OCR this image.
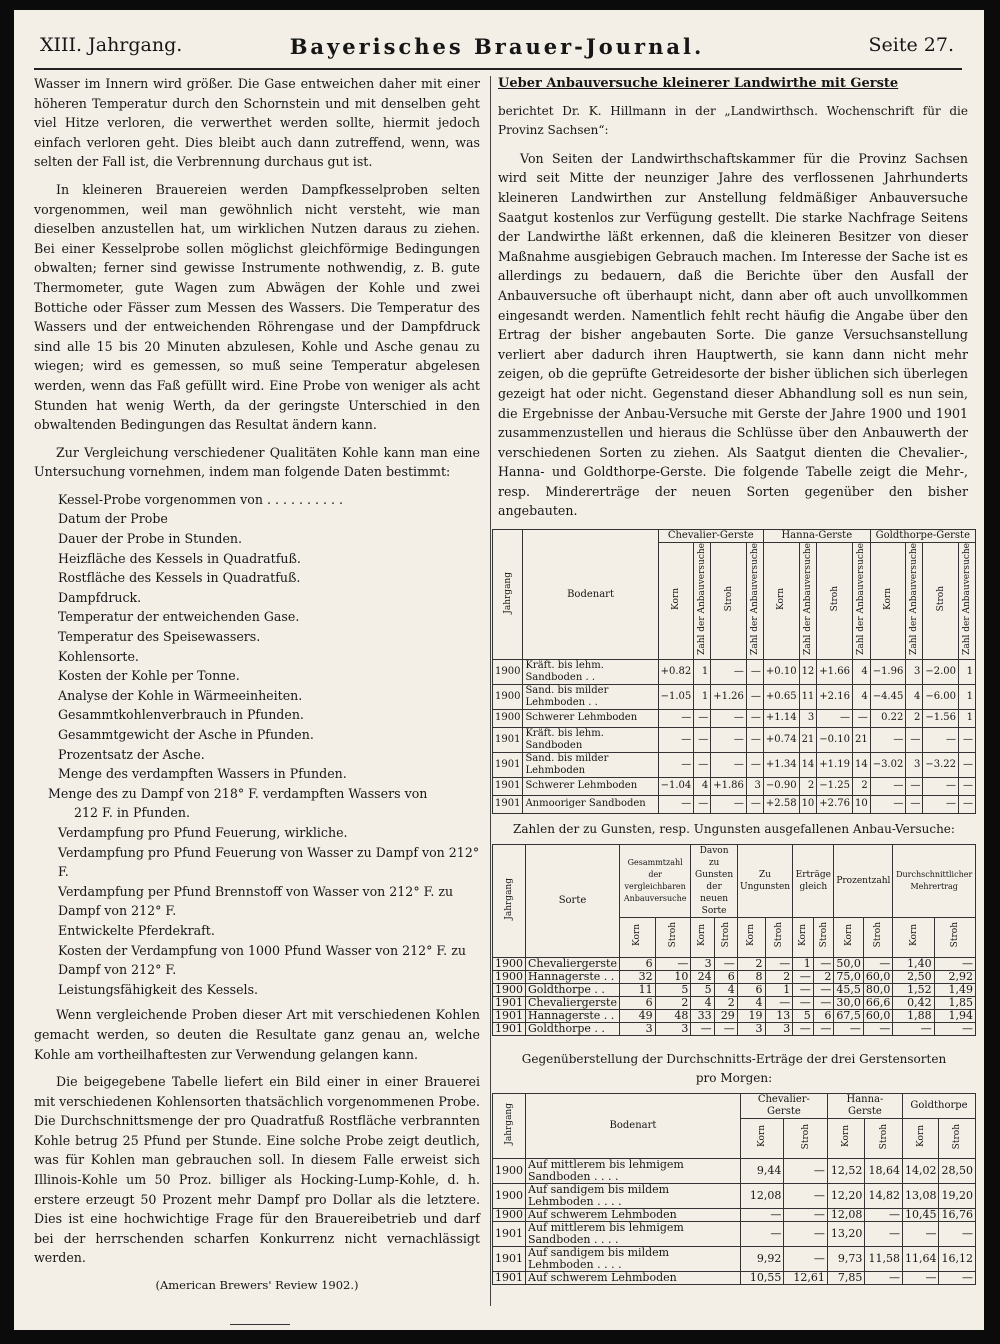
XIII. Jahrgang.	Bayerisches Brauer-Journal.	Seite 27.

Wasser im Innern wird größer. Die Gase entweichen daher mit einer höheren Temperatur durch den Schornstein und mit denselben geht viel Hitze verloren, die verwerthet werden sollte, hiermit jedoch einfach verloren geht. Dies bleibt auch dann zutreffend, wenn, was selten der Fall ist, die Verbrennung durchaus gut ist.

In kleineren Brauereien werden Dampfkesselproben selten vorgenommen, weil man gewöhnlich nicht versteht, wie man dieselben anzustellen hat, um wirklichen Nutzen daraus zu ziehen. Bei einer Kesselprobe sollen möglichst gleichförmige Bedingungen obwalten; ferner sind gewisse Instrumente nothwendig, z. B. gute Thermometer, gute Wagen zum Abwägen der Kohle und zwei Bottiche oder Fässer zum Messen des Wassers. Die Temperatur des Wassers und der entweichenden Röhrengase und der Dampfdruck sind alle 15 bis 20 Minuten abzulesen, Kohle und Asche genau zu wiegen; wird es gemessen, so muß seine Temperatur abgelesen werden, wenn das Faß gefüllt wird. Eine Probe von weniger als acht Stunden hat wenig Werth, da der geringste Unterschied in den obwaltenden Bedingungen das Resultat ändern kann.

Zur Vergleichung verschiedener Qualitäten Kohle kann man eine Untersuchung vornehmen, indem man folgende Daten bestimmt:

Kessel-Probe vorgenommen von . . . . . . . . . .
Datum der Probe
Dauer der Probe in Stunden.
Heizfläche des Kessels in Quadratfuß.
Rostfläche des Kessels in Quadratfuß.
Dampfdruck.
Temperatur der entweichenden Gase.
Temperatur des Speisewassers.
Kohlensorte.
Kosten der Kohle per Tonne.
Analyse der Kohle in Wärmeeinheiten.
Gesammtkohlenverbrauch in Pfunden.
Gesammtgewicht der Asche in Pfunden.
Prozentsatz der Asche.
Menge des verdampften Wassers in Pfunden.
Menge des zu Dampf von 218° F. verdampften Wassers von
212 F. in Pfunden.
Verdampfung pro Pfund Feuerung, wirkliche.
Verdampfung pro Pfund Feuerung von Wasser zu Dampf von 212° F.
Verdampfung per Pfund Brennstoff von Wasser von 212° F. zu Dampf von 212° F.
Entwickelte Pferdekraft.
Kosten der Verdampfung von 1000 Pfund Wasser von 212° F. zu Dampf von 212° F.
Leistungsfähigkeit des Kessels.

Wenn vergleichende Proben dieser Art mit verschiedenen Kohlen gemacht werden, so deuten die Resultate ganz genau an, welche Kohle am vortheilhaftesten zur Verwendung gelangen kann.

Die beigegebene Tabelle liefert ein Bild einer in einer Brauerei mit verschiedenen Kohlensorten thatsächlich vorgenommenen Probe. Die Durchschnittsmenge der pro Quadratfuß Rostfläche verbrannten Kohle betrug 25 Pfund per Stunde. Eine solche Probe zeigt deutlich, was für Kohlen man gebrauchen soll. In diesem Falle erweist sich Illinois-Kohle um 50 Proz. billiger als Hocking-Lump-Kohle, d. h. erstere erzeugt 50 Prozent mehr Dampf pro Dollar als die letztere. Dies ist eine hochwichtige Frage für den Brauereibetrieb und darf bei der herrschenden scharfen Konkurrenz nicht vernachlässigt werden.

(American Brewers' Review 1902.)

Ueber Anbauversuche kleinerer Landwirthe mit Gerste

berichtet Dr. K. Hillmann in der „Landwirthsch. Wochenschrift für die Provinz Sachsen“:

Von Seiten der Landwirthschaftskammer für die Provinz Sachsen wird seit Mitte der neunziger Jahre des verflossenen Jahrhunderts kleineren Landwirthen zur Anstellung feldmäßiger Anbauversuche Saatgut kostenlos zur Verfügung gestellt. Die starke Nachfrage Seitens der Landwirthe läßt erkennen, daß die kleineren Besitzer von dieser Maßnahme ausgiebigen Gebrauch machen. Im Interesse der Sache ist es allerdings zu bedauern, daß die Berichte über den Ausfall der Anbauversuche oft überhaupt nicht, dann aber oft auch unvollkommen eingesandt werden. Namentlich fehlt recht häufig die Angabe über den Ertrag der bisher angebauten Sorte. Die ganze Versuchsanstellung verliert aber dadurch ihren Hauptwerth, sie kann dann nicht mehr zeigen, ob die geprüfte Getreidesorte der bisher üblichen sich überlegen gezeigt hat oder nicht. Gegenstand dieser Abhandlung soll es nun sein, die Ergebnisse der Anbau-Versuche mit Gerste der Jahre 1900 und 1901 zusammenzustellen und hieraus die Schlüsse über den Anbauwerth der verschiedenen Sorten zu ziehen. Als Saatgut dienten die Chevalier-, Hanna- und Goldthorpe-Gerste. Die folgende Tabelle zeigt die Mehr-, resp. Mindererträge der neuen Sorten gegenüber den bisher angebauten.

Jahrgang	Bodenart	Chevalier-Gerste				Hanna-Gerste				Goldthorpe-Gerste			
		Korn	Zahl der Anbauversuche	Stroh	Zahl der Anbauversuche	Korn	Zahl der Anbauversuche	Stroh	Zahl der Anbauversuche	Korn	Zahl der Anbauversuche	Stroh	Zahl der Anbauversuche
1900	Kräft. bis lehm. Sandboden . .	+0.82	1	—	—	+0.10	12	+1.66	4	−1.96	3	−2.00	1
1900	Sand. bis milder Lehmboden . .	−1.05	1	+1.26	—	+0.65	11	+2.16	4	−4.45	4	−6.00	1
1900	Schwerer Lehmboden	—	—	—	—	+1.14	3	—	—	0.22	2	−1.56	1
1901	Kräft. bis lehm. Sandboden	—	—	—	—	+0.74	21	−0.10	21	—	—	—	—
1901	Sand. bis milder Lehmboden	—	—	—	—	+1.34	14	+1.19	14	−3.02	3	−3.22	—
1901	Schwerer Lehmboden	−1.04	4	+1.86	3	−0.90	2	−1.25	2	—	—	—	—
1901	Anmooriger Sandboden	—	—	—	—	+2.58	10	+2.76	10	—	—	—	—
Zahlen der zu Gunsten, resp. Ungunsten ausgefallenen Anbau-Versuche:
Jahrgang	Sorte	Gesammtzahl der vergleichbaren Anbauversuche		Davon zu Gunsten der neuen Sorte		Zu Ungunsten		Erträge gleich		Prozentzahl		Durchschnittlicher Mehrertrag	
		Korn	Stroh	Korn	Stroh	Korn	Stroh	Korn	Stroh	Korn	Stroh	Korn	Stroh
1900	Chevaliergerste	6	—	3	—	2	—	1	—	50,0	—	1,40	—
1900	Hannagerste . .	32	10	24	6	8	2	—	2	75,0	60,0	2,50	2,92
1900	Goldthorpe . .	11	5	5	4	6	1	—	—	45,5	80,0	1,52	1,49
1901	Chevaliergerste	6	2	4	2	4	—	—	—	30,0	66,6	0,42	1,85
1901	Hannagerste . .	49	48	33	29	19	13	5	6	67,5	60,0	1,88	1,94
1901	Goldthorpe . .	3	3	—	—	3	3	—	—	—	—	—	—
Gegenüberstellung der Durchschnitts-Erträge der drei Gerstensorten
pro Morgen:
Jahrgang	Bodenart	Chevalier-Gerste		Hanna-Gerste		Goldthorpe	
		Korn	Stroh	Korn	Stroh	Korn	Stroh
1900	Auf mittlerem bis lehmigem Sandboden . . . .	9,44	—	12,52	18,64	14,02	28,50
1900	Auf sandigem bis mildem Lehmboden . . . .	12,08	—	12,20	14,82	13,08	19,20
1900	Auf schwerem Lehmboden	—	—	12,08	—	10,45	16,76
1901	Auf mittlerem bis lehmigem Sandboden . . . .	—	—	13,20	—	—	—
1901	Auf sandigem bis mildem Lehmboden . . . .	9,92	—	9,73	11,58	11,64	16,12
1901	Auf schwerem Lehmboden	10,55	12,61	7,85	—	—	—
